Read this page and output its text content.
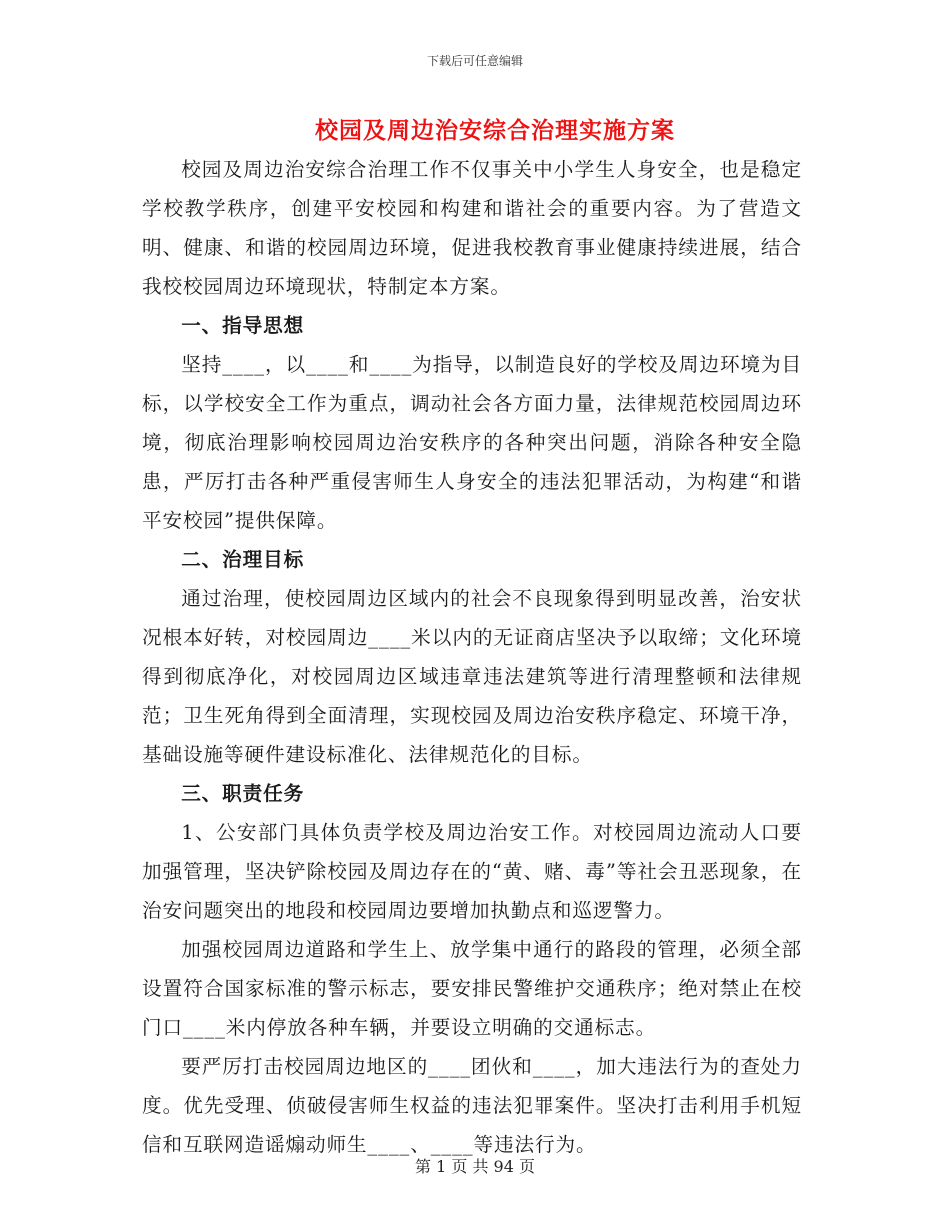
下载后可任意编辑
校园及周边治安综合治理实施方案

校园及周边治安综合治理工作不仅事关中小学生人身安全，也是稳定学校教学秩序，创建平安校园和构建和谐社会的重要内容。为了营造文明、健康、和谐的校园周边环境，促进我校教育事业健康持续进展，结合我校校园周边环境现状，特制定本方案。

一、指导思想

坚持____，以____和____为指导，以制造良好的学校及周边环境为目标，以学校安全工作为重点，调动社会各方面力量，法律规范校园周边环境，彻底治理影响校园周边治安秩序的各种突出问题，消除各种安全隐患，严厉打击各种严重侵害师生人身安全的违法犯罪活动，为构建“和谐平安校园”提供保障。

二、治理目标

通过治理，使校园周边区域内的社会不良现象得到明显改善，治安状况根本好转，对校园周边____米以内的无证商店坚决予以取缔；文化环境得到彻底净化，对校园周边区域违章违法建筑等进行清理整顿和法律规范；卫生死角得到全面清理，实现校园及周边治安秩序稳定、环境干净，基础设施等硬件建设标准化、法律规范化的目标。

三、职责任务

1、公安部门具体负责学校及周边治安工作。对校园周边流动人口要加强管理，坚决铲除校园及周边存在的“黄、赌、毒”等社会丑恶现象，在治安问题突出的地段和校园周边要增加执勤点和巡逻警力。

加强校园周边道路和学生上、放学集中通行的路段的管理，必须全部设置符合国家标准的警示标志，要安排民警维护交通秩序；绝对禁止在校门口____米内停放各种车辆，并要设立明确的交通标志。

要严厉打击校园周边地区的____团伙和____，加大违法行为的查处力度。优先受理、侦破侵害师生权益的违法犯罪案件。坚决打击利用手机短信和互联网造谣煽动师生____、____等违法行为。

第 1 页 共 94 页
